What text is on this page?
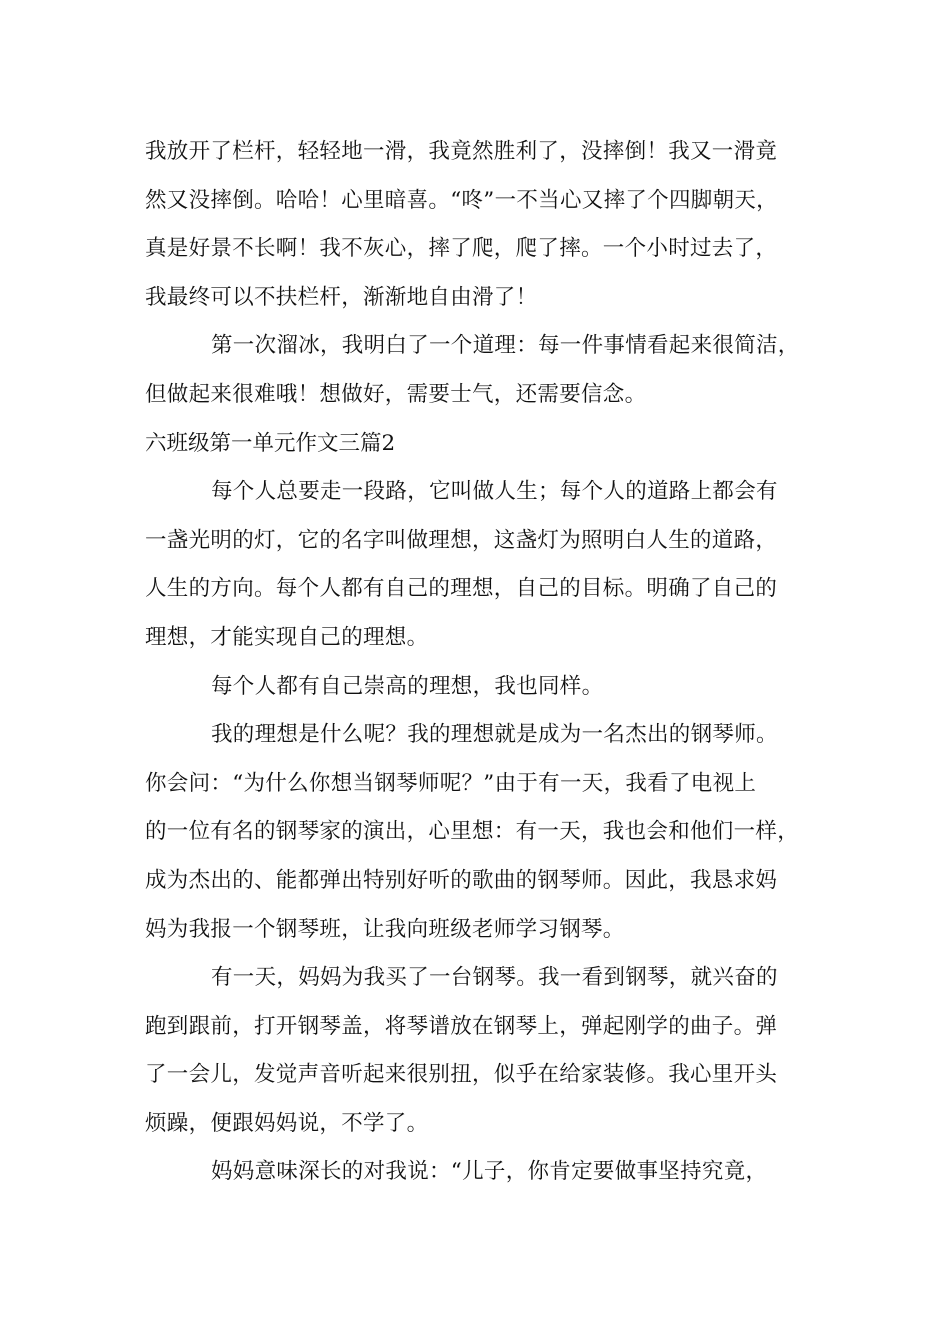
我放开了栏杆，轻轻地一滑，我竟然胜利了，没摔倒！我又一滑竟
然又没摔倒。哈哈！心里暗喜。“咚”一不当心又摔了个四脚朝天，
真是好景不长啊！我不灰心，摔了爬，爬了摔。一个小时过去了，
我最终可以不扶栏杆，渐渐地自由滑了！
第一次溜冰，我明白了一个道理：每一件事情看起来很简洁，
但做起来很难哦！想做好，需要士气，还需要信念。
六班级第一单元作文三篇2
每个人总要走一段路，它叫做人生；每个人的道路上都会有
一盏光明的灯，它的名字叫做理想，这盏灯为照明白人生的道路，
人生的方向。每个人都有自己的理想，自己的目标。明确了自己的
理想，才能实现自己的理想。
每个人都有自己崇高的理想，我也同样。
我的理想是什么呢？我的理想就是成为一名杰出的钢琴师。
你会问：“为什么你想当钢琴师呢？”由于有一天，我看了电视上
的一位有名的钢琴家的演出，心里想：有一天，我也会和他们一样，
成为杰出的、能都弹出特别好听的歌曲的钢琴师。因此，我恳求妈
妈为我报一个钢琴班，让我向班级老师学习钢琴。
有一天，妈妈为我买了一台钢琴。我一看到钢琴，就兴奋的
跑到跟前，打开钢琴盖，将琴谱放在钢琴上，弹起刚学的曲子。弹
了一会儿，发觉声音听起来很别扭，似乎在给家装修。我心里开头
烦躁，便跟妈妈说，不学了。
妈妈意味深长的对我说：“儿子，你肯定要做事坚持究竟，
